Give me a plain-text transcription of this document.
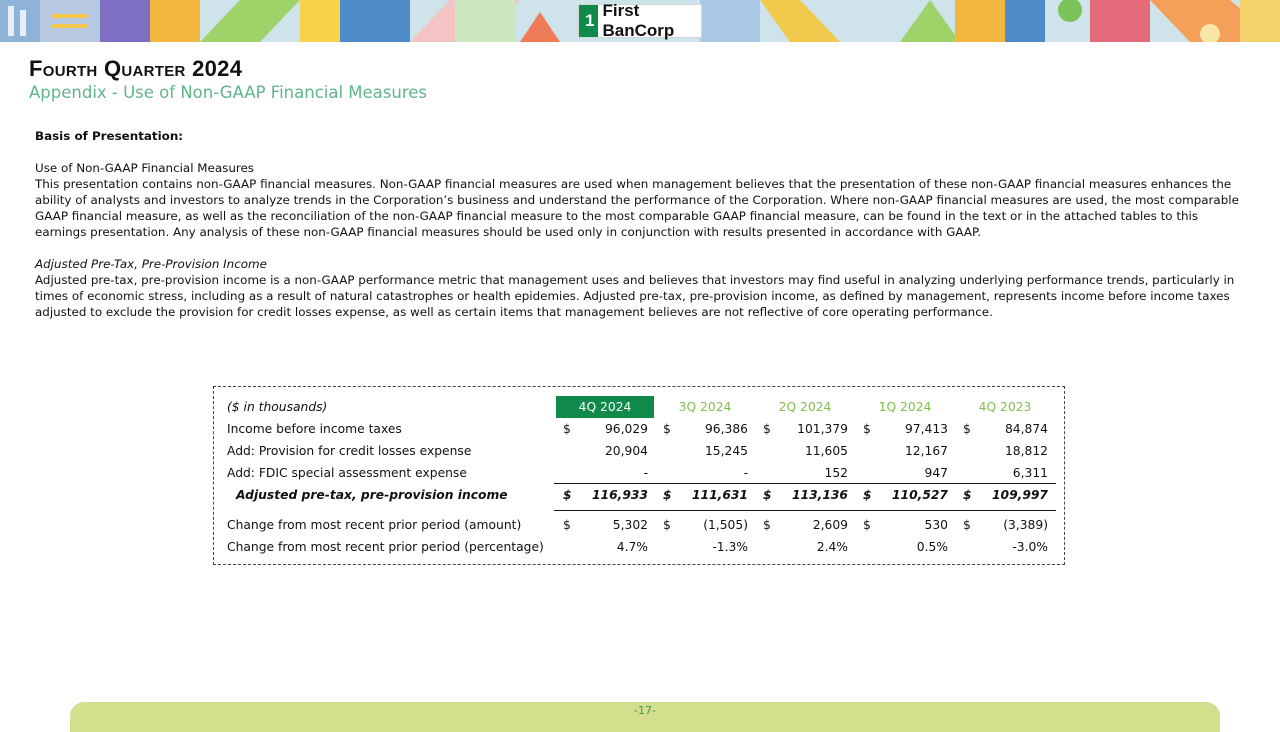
1
First BanCorp
Fourth Quarter 2024
Appendix - Use of Non-GAAP Financial Measures

Basis of Presentation:

Use of Non-GAAP Financial Measures

This presentation contains non-GAAP financial measures. Non-GAAP financial measures are used when management believes that the presentation of these non-GAAP financial measures enhances the ability of analysts and investors to analyze trends in the Corporation’s business and understand the performance of the Corporation. Where non-GAAP financial measures are used, the most comparable GAAP financial measure, as well as the reconciliation of the non-GAAP financial measure to the most comparable GAAP financial measure, can be found in the text or in the attached tables to this earnings presentation. Any analysis of these non-GAAP financial measures should be used only in conjunction with results presented in accordance with GAAP.

Adjusted Pre-Tax, Pre-Provision Income

Adjusted pre-tax, pre-provision income is a non-GAAP performance metric that management uses and believes that investors may find useful in analyzing underlying performance trends, particularly in times of economic stress, including as a result of natural catastrophes or health epidemies. Adjusted pre-tax, pre-provision income, as defined by management, represents income before income taxes adjusted to exclude the provision for credit losses expense, as well as certain items that management believes are not reflective of core operating performance.

($ in thousands)	4Q 2024	3Q 2024	2Q 2024	1Q 2024	4Q 2023
Income before income taxes	$	96,029 $	96,386 $ 101,379 $	97,413 $	84,874
Add: Provision for credit losses expense	20,904	15,245	11,605	12,167	18,812
Add: FDIC special assessment expense	-	-	152	947	6,311
Adjusted pre-tax, pre-provision income	$ 116,933 $ 111,631 $ 113,136 $ 110,527 $ 109,997
Change from most recent prior period (amount)	$	5,302 $	(1,505) $	2,609 $	530 $	(3,389)
Change from most recent prior period (percentage)	4.7%	-1.3%	2.4%	0.5%	-3.0%
-17-
